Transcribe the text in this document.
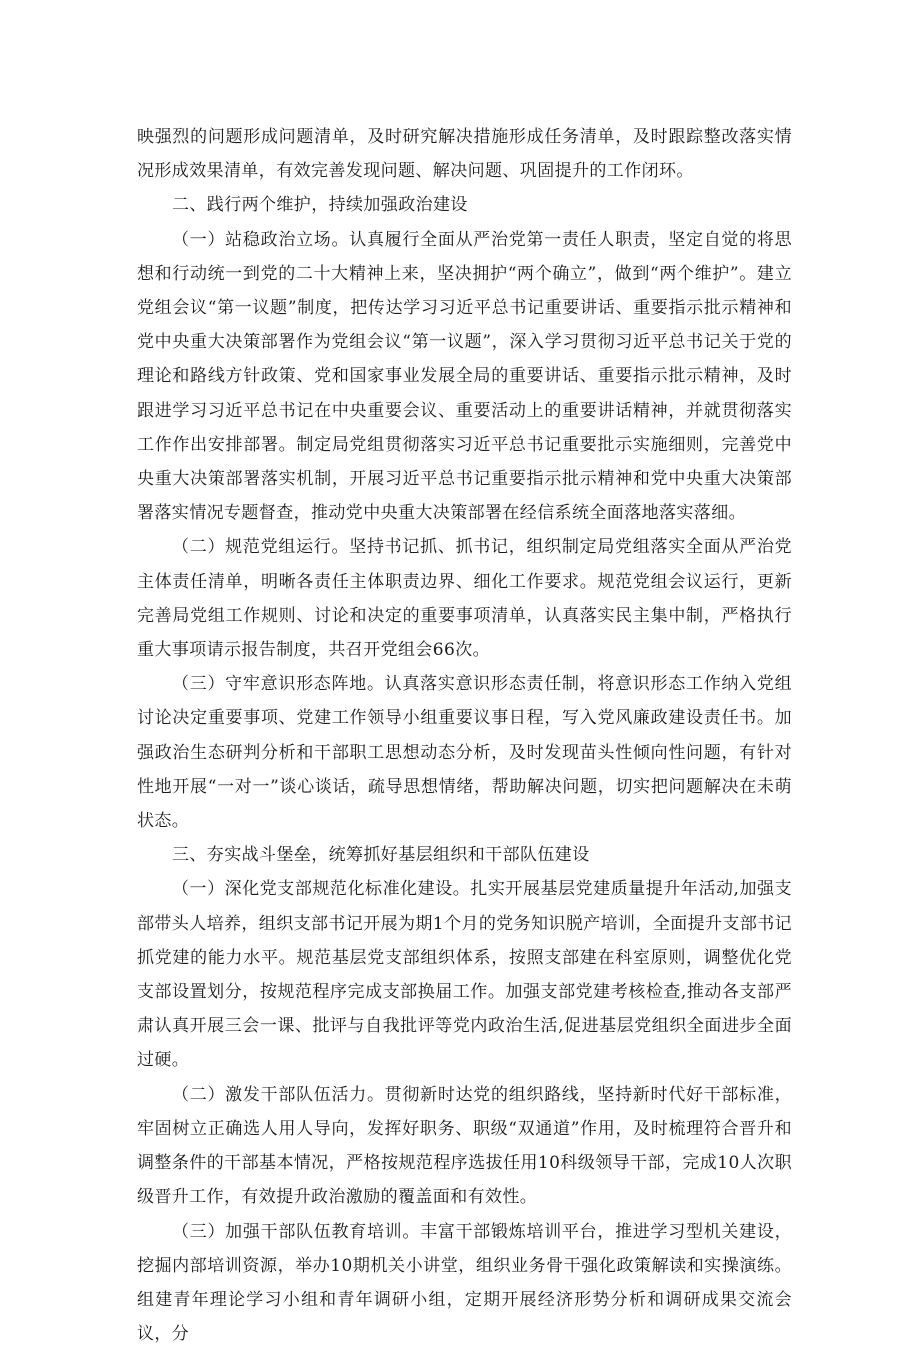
映强烈的问题形成问题清单，及时研究解决措施形成任务清单，及时跟踪整改落实情况形成效果清单，有效完善发现问题、解决问题、巩固提升的工作闭环。

二、践行两个维护，持续加强政治建设

（一）站稳政治立场。认真履行全面从严治党第一责任人职责，坚定自觉的将思想和行动统一到党的二十大精神上来，坚决拥护“两个确立”，做到“两个维护”。建立党组会议“第一议题”制度，把传达学习习近平总书记重要讲话、重要指示批示精神和党中央重大决策部署作为党组会议“第一议题”，深入学习贯彻习近平总书记关于党的理论和路线方针政策、党和国家事业发展全局的重要讲话、重要指示批示精神，及时跟进学习习近平总书记在中央重要会议、重要活动上的重要讲话精神，并就贯彻落实工作作出安排部署。制定局党组贯彻落实习近平总书记重要批示实施细则，完善党中央重大决策部署落实机制，开展习近平总书记重要指示批示精神和党中央重大决策部署落实情况专题督查，推动党中央重大决策部署在经信系统全面落地落实落细。

（二）规范党组运行。坚持书记抓、抓书记，组织制定局党组落实全面从严治党主体责任清单，明晰各责任主体职责边界、细化工作要求。规范党组会议运行，更新完善局党组工作规则、讨论和决定的重要事项清单，认真落实民主集中制，严格执行重大事项请示报告制度，共召开党组会66次。

（三）守牢意识形态阵地。认真落实意识形态责任制，将意识形态工作纳入党组讨论决定重要事项、党建工作领导小组重要议事日程，写入党风廉政建设责任书。加强政治生态研判分析和干部职工思想动态分析，及时发现苗头性倾向性问题，有针对性地开展“一对一”谈心谈话，疏导思想情绪，帮助解决问题，切实把问题解决在未萌状态。

三、夯实战斗堡垒，统筹抓好基层组织和干部队伍建设

（一）深化党支部规范化标准化建设。扎实开展基层党建质量提升年活动,加强支部带头人培养，组织支部书记开展为期1个月的党务知识脱产培训，全面提升支部书记抓党建的能力水平。规范基层党支部组织体系，按照支部建在科室原则，调整优化党支部设置划分，按规范程序完成支部换届工作。加强支部党建考核检查,推动各支部严肃认真开展三会一课、批评与自我批评等党内政治生活,促进基层党组织全面进步全面过硬。

（二）激发干部队伍活力。贯彻新时达党的组织路线，坚持新时代好干部标准，牢固树立正确选人用人导向，发挥好职务、职级“双通道”作用，及时梳理符合晋升和调整条件的干部基本情况，严格按规范程序选拔任用10科级领导干部，完成10人次职级晋升工作，有效提升政治激励的覆盖面和有效性。

（三）加强干部队伍教育培训。丰富干部锻炼培训平台，推进学习型机关建设，挖掘内部培训资源，举办10期机关小讲堂，组织业务骨干强化政策解读和实操演练。组建青年理论学习小组和青年调研小组，定期开展经济形势分析和调研成果交流会议，分
